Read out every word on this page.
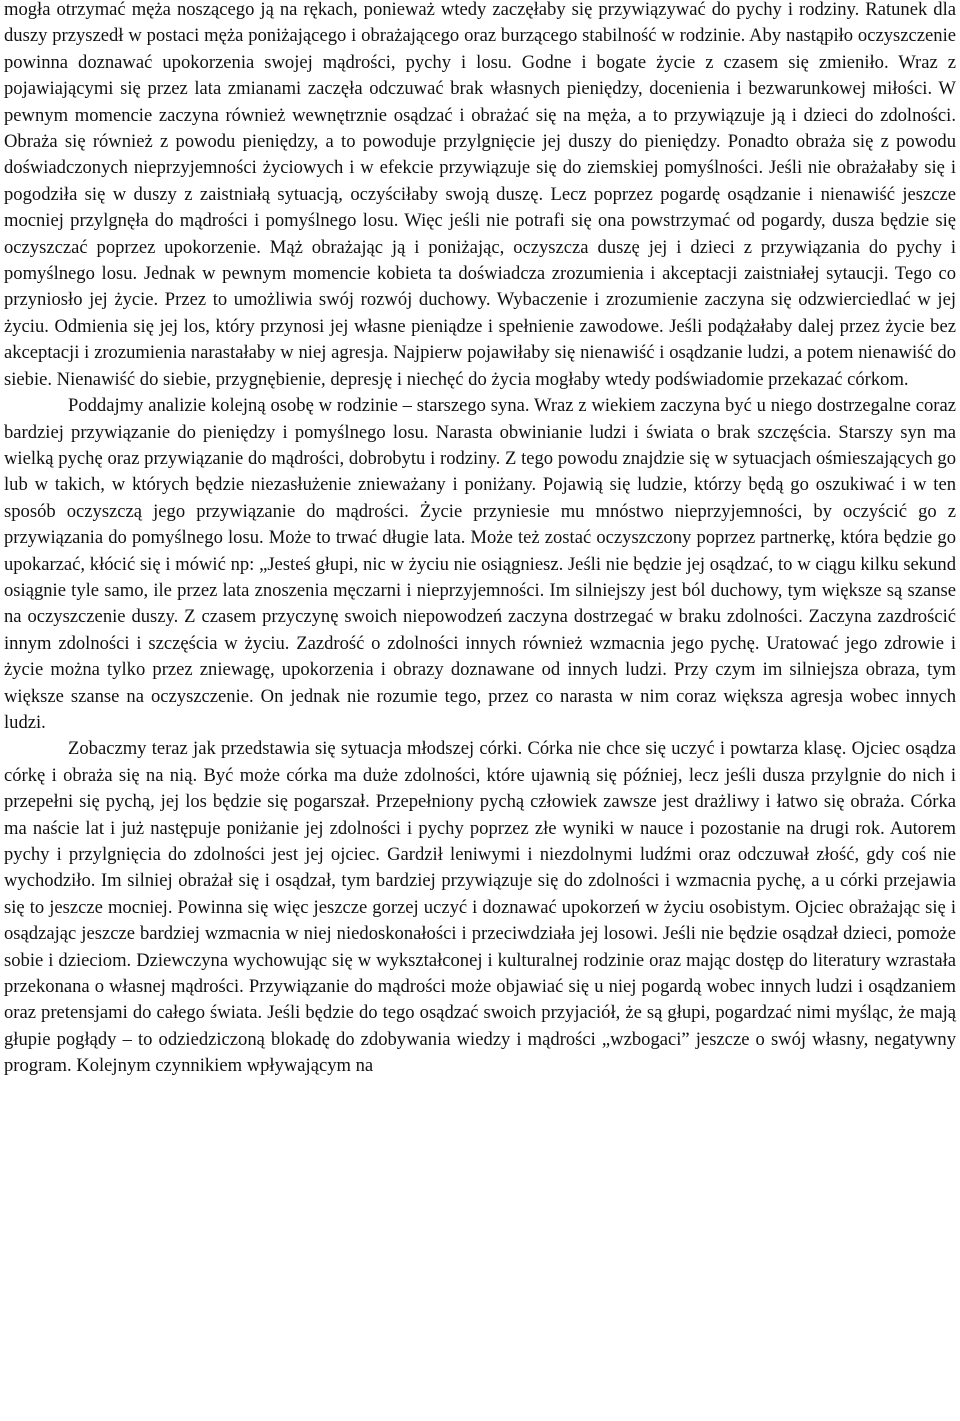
mogła otrzymać męża noszącego ją na rękach, ponieważ wtedy zaczęłaby się przywiązywać do pychy i rodziny. Ratunek dla duszy przyszedł w postaci męża poniżającego i obrażającego oraz burzącego stabilność w rodzinie. Aby nastąpiło oczyszczenie powinna doznawać upokorzenia swojej mądrości, pychy i losu. Godne i bogate życie z czasem się zmieniło. Wraz z pojawiającymi się przez lata zmianami zaczęła odczuwać brak własnych pieniędzy, docenienia i bezwarunkowej miłości. W pewnym momencie zaczyna również wewnętrznie osądzać i obrażać się na męża, a to przywiązuje ją i dzieci do zdolności. Obraża się również z powodu pieniędzy, a to powoduje przylgnięcie jej duszy do pieniędzy. Ponadto obraża się z powodu doświadczonych nieprzyjemności życiowych i w efekcie przywiązuje się do ziemskiej pomyślności. Jeśli nie obrażałaby się i pogodziła się w duszy z zaistniałą sytuacją, oczyściłaby swoją duszę. Lecz poprzez pogardę osądzanie i nienawiść jeszcze mocniej przylgnęła do mądrości i pomyślnego losu. Więc jeśli nie potrafi się ona powstrzymać od pogardy, dusza będzie się oczyszczać poprzez upokorzenie. Mąż obrażając ją i poniżając, oczyszcza duszę jej i dzieci z przywiązania do pychy i pomyślnego losu. Jednak w pewnym momencie kobieta ta doświadcza zrozumienia i akceptacji zaistniałej sytaucji. Tego co przyniosło jej życie. Przez to umożliwia swój rozwój duchowy. Wybaczenie i zrozumienie zaczyna się odzwierciedlać w jej życiu. Odmienia się jej los, który przynosi jej własne pieniądze i spełnienie zawodowe. Jeśli podążałaby dalej przez życie bez akceptacji i zrozumienia narastałaby w niej agresja. Najpierw pojawiłaby się nienawiść i osądzanie ludzi, a potem nienawiść do siebie. Nienawiść do siebie, przygnębienie, depresję i niechęć do życia mogłaby wtedy podświadomie przekazać córkom.

Poddajmy analizie kolejną osobę w rodzinie – starszego syna. Wraz z wiekiem zaczyna być u niego dostrzegalne coraz bardziej przywiązanie do pieniędzy i pomyślnego losu. Narasta obwinianie ludzi i świata o brak szczęścia. Starszy syn ma wielką pychę oraz przywiązanie do mądrości, dobrobytu i rodziny. Z tego powodu znajdzie się w sytuacjach ośmieszających go lub w takich, w których będzie niezasłużenie znieważany i poniżany. Pojawią się ludzie, którzy będą go oszukiwać i w ten sposób oczyszczą jego przywiązanie do mądrości. Życie przyniesie mu mnóstwo nieprzyjemności, by oczyścić go z przywiązania do pomyślnego losu. Może to trwać długie lata. Może też zostać oczyszczony poprzez partnerkę, która będzie go upokarzać, kłócić się i mówić np: „Jesteś głupi, nic w życiu nie osiągniesz. Jeśli nie będzie jej osądzać, to w ciągu kilku sekund osiągnie tyle samo, ile przez lata znoszenia męczarni i nieprzyjemności. Im silniejszy jest ból duchowy, tym większe są szanse na oczyszczenie duszy. Z czasem przyczynę swoich niepowodzeń zaczyna dostrzegać w braku zdolności. Zaczyna zazdrościć innym zdolności i szczęścia w życiu. Zazdrość o zdolności innych również wzmacnia jego pychę. Uratować jego zdrowie i życie można tylko przez zniewagę, upokorzenia i obrazy doznawane od innych ludzi. Przy czym im silniejsza obraza, tym większe szanse na oczyszczenie. On jednak nie rozumie tego, przez co narasta w nim coraz większa agresja wobec innych ludzi.

Zobaczmy teraz jak przedstawia się sytuacja młodszej córki. Córka nie chce się uczyć i powtarza klasę. Ojciec osądza córkę i obraża się na nią. Być może córka ma duże zdolności, które ujawnią się później, lecz jeśli dusza przylgnie do nich i przepełni się pychą, jej los będzie się pogarszał. Przepełniony pychą człowiek zawsze jest drażliwy i łatwo się obraża. Córka ma naście lat i już następuje poniżanie jej zdolności i pychy poprzez złe wyniki w nauce i pozostanie na drugi rok. Autorem pychy i przylgnięcia do zdolności jest jej ojciec. Gardził leniwymi i niezdolnymi ludźmi oraz odczuwał złość, gdy coś nie wychodziło. Im silniej obrażał się i osądzał, tym bardziej przywiązuje się do zdolności i wzmacnia pychę, a u córki przejawia się to jeszcze mocniej. Powinna się więc jeszcze gorzej uczyć i doznawać upokorzeń w życiu osobistym. Ojciec obrażając się i osądzając jeszcze bardziej wzmacnia w niej niedoskonałości i przeciwdziała jej losowi. Jeśli nie będzie osądzał dzieci, pomoże sobie i dzieciom. Dziewczyna wychowując się w wykształconej i kulturalnej rodzinie oraz mając dostęp do literatury wzrastała przekonana o własnej mądrości. Przywiązanie do mądrości może objawiać się u niej pogardą wobec innych ludzi i osądzaniem oraz pretensjami do całego świata. Jeśli będzie do tego osądzać swoich przyjaciół, że są głupi, pogardzać nimi myśląc, że mają głupie pogłądy – to odziedziczoną blokadę do zdobywania wiedzy i mądrości „wzbogaci” jeszcze o swój własny, negatywny program. Kolejnym czynnikiem wpływającym na
